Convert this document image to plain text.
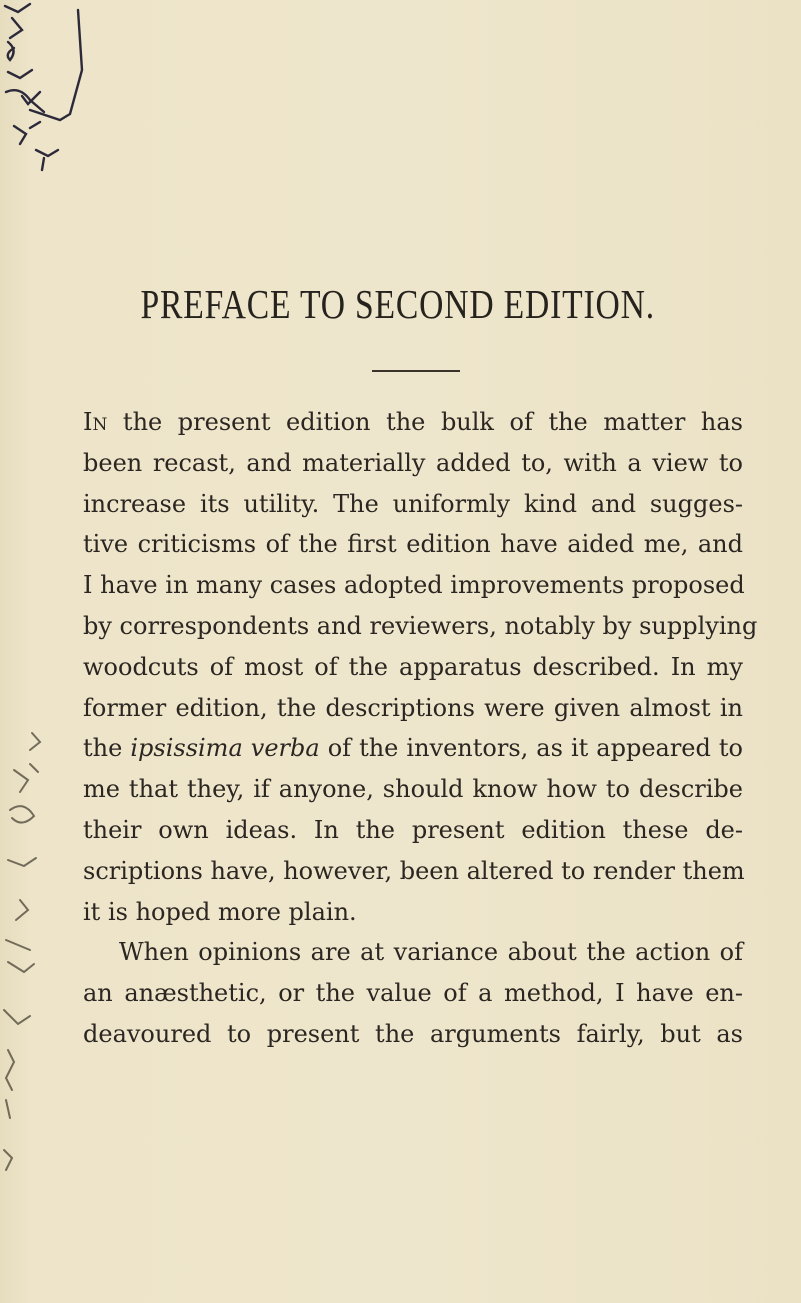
PREFACE TO SECOND EDITION.
In the present edition the bulk of the matter has
been recast, and materially added to, with a view to
increase its utility. The uniformly kind and sugges-
tive criticisms of the first edition have aided me, and
I have in many cases adopted improvements proposed
by correspondents and reviewers, notably by supplying
woodcuts of most of the apparatus described. In my
former edition, the descriptions were given almost in
the ipsissima verba of the inventors, as it appeared to
me that they, if anyone, should know how to describe
their own ideas. In the present edition these de-
scriptions have, however, been altered to render them
it is hoped more plain.
When opinions are at variance about the action of
an anæsthetic, or the value of a method, I have en-
deavoured to present the arguments fairly, but as
